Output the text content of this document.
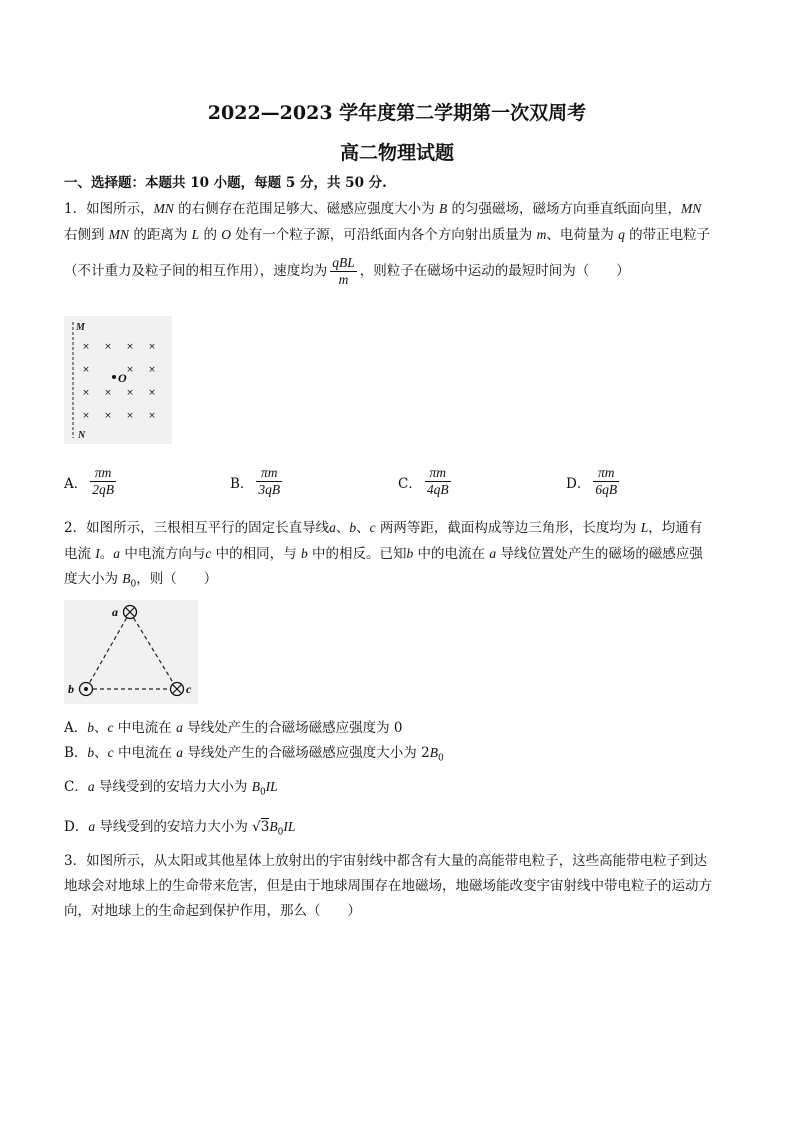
2022—2023 学年度第二学期第一次双周考
高二物理试题
一、选择题：本题共 10 小题，每题 5 分，共 50 分.
1．如图所示，MN 的右侧存在范围足够大、磁感应强度大小为 B 的匀强磁场，磁场方向垂直纸面向里，MN
右侧到 MN 的距离为 L 的 O 处有一个粒子源，可沿纸面内各个方向射出质量为 m、电荷量为 q 的带正电粒子
（不计重力及粒子间的相互作用），速度均为 $\frac{\text{qBL}}{m}$ ，则粒子在磁场中运动的最短时间为（　　）
M
N
× × × ×
×	× ×
× × × ×
× × × ×
O
A． $\frac{\pi m}{2qB}$	B． $\frac{\pi m}{3qB}$	C． $\frac{\pi m}{4qB}$	D． $\frac{\pi m}{6qB}$
2．如图所示，三根相互平行的固定长直导线a、b、c 两两等距，截面构成等边三角形，长度均为 L，均通有
电流 I。a 中电流方向与c 中的相同，与 b 中的相反。已知b 中的电流在 a 导线位置处产生的磁场的磁感应强
度大小为 $B_0$，则（　　）
a
b	c
A．b、c 中电流在 a 导线处产生的合磁场磁感应强度为 0
B．b、c 中电流在 a 导线处产生的合磁场磁感应强度大小为 $2B_0$
C．a 导线受到的安培力大小为 $B_0IL$
D．a 导线受到的安培力大小为 $√3B_0IL$
3．如图所示，从太阳或其他星体上放射出的宇宙射线中都含有大量的高能带电粒子，这些高能带电粒子到达
地球会对地球上的生命带来危害，但是由于地球周围存在地磁场，地磁场能改变宇宙射线中带电粒子的运动方
向，对地球上的生命起到保护作用，那么（　　）
